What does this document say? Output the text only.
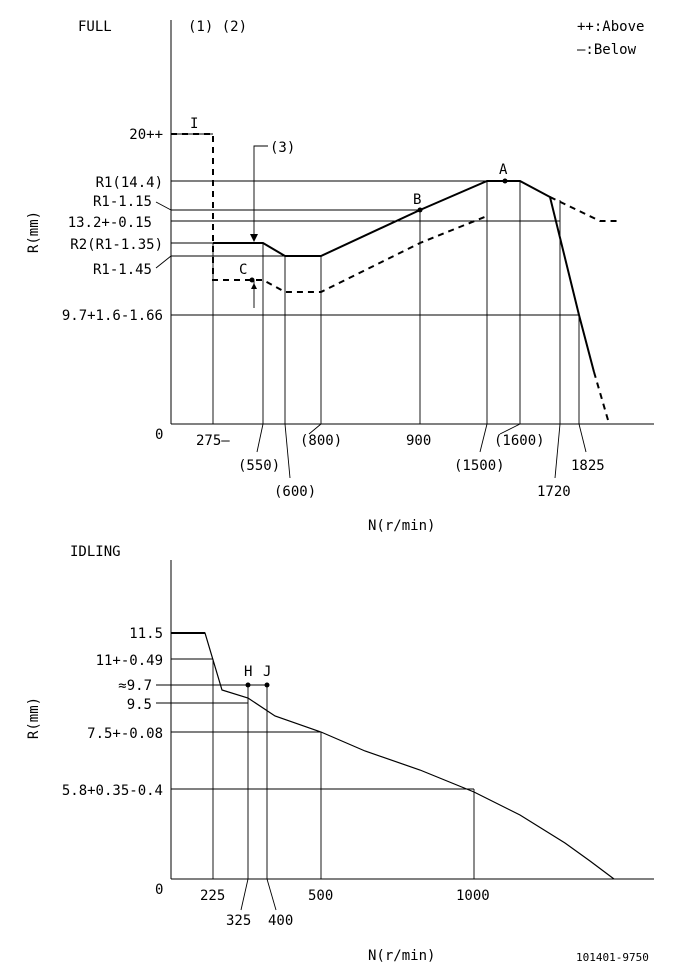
FULL	(1) (2)	++:Above
—:Below
R(mm)
0
N(r/min)
20++
R1(14.4)
R1-1.15
13.2+-0.15
R2(R1-1.35)
R1-1.45
9.7+1.6-1.66
275—
(550)
(600)
(800)	900
(1500)
(1600)
1720
1825
I
(3)
A
B
C
IDLING
R(mm)
0
N(r/min)
11.5
11+-0.49
≈9.7
9.5
7.5+-0.08
5.8+0.35-0.4
H J
225
325 400
500	1000
101401-9750
